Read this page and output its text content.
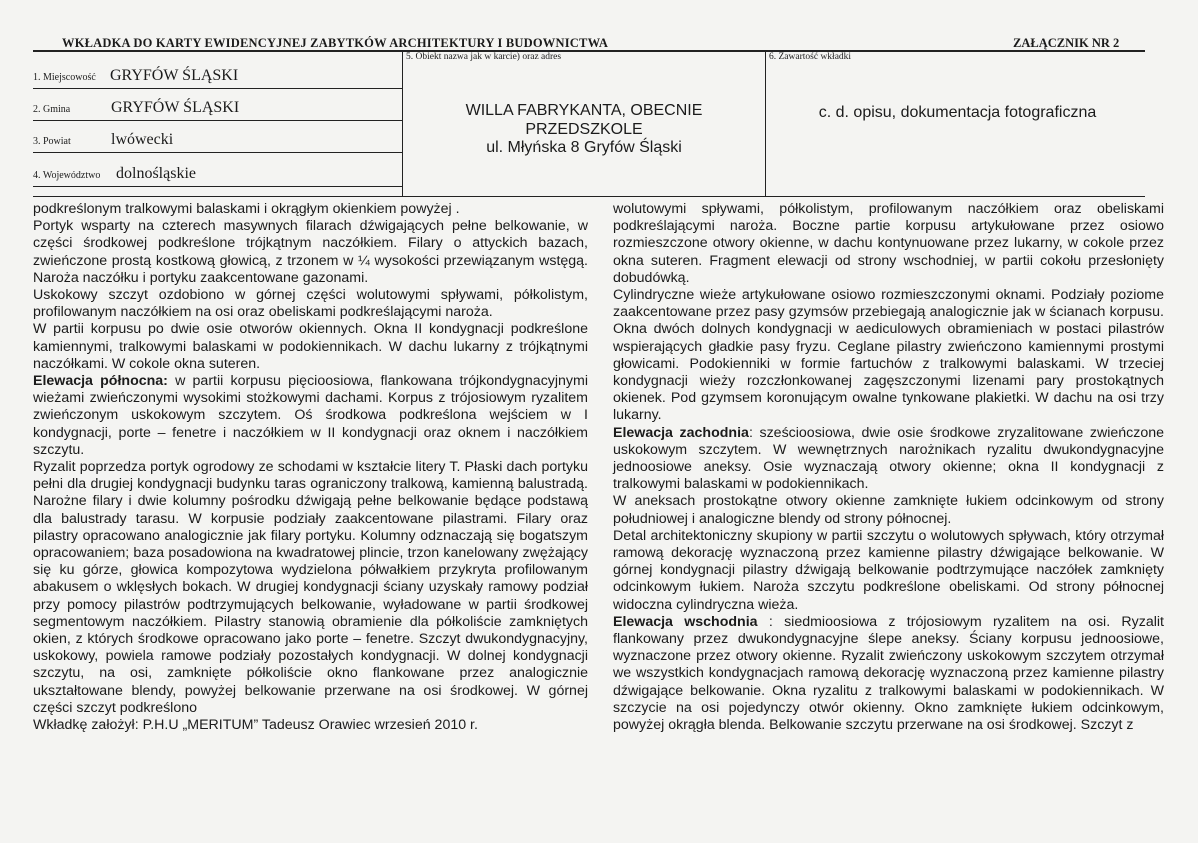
WKŁADKA DO KARTY EWIDENCYJNEJ ZABYTKÓW ARCHITEKTURY I BUDOWNICTWA	ZAŁĄCZNIK NR 2
1. Miejscowość GRYFÓW ŚLĄSKI
2. Gmina	GRYFÓW ŚLĄSKI
3. Powiat	lwówecki
4. Województwo dolnośląskie
5. Obiekt nazwa jak w karcie) oraz adres
WILLA FABRYKANTA, OBECNIE
PRZEDSZKOLE
ul. Młyńska 8 Gryfów Śląski
6. Zawartość wkładki
c. d. opisu, dokumentacja fotograficzna

podkreślonym tralkowymi balaskami i okrągłym okienkiem powyżej .

Portyk wsparty na czterech masywnych filarach dźwigających pełne belkowanie, w części środkowej podkreślone trójkątnym naczółkiem. Filary o attyckich bazach, zwieńczone prostą kostkową głowicą, z trzonem w ¼ wysokości przewiązanym wstęgą. Naroża naczółku i portyku zaakcentowane gazonami.

Uskokowy szczyt ozdobiono w górnej części wolutowymi spływami, półkolistym, profilowanym naczółkiem na osi oraz obeliskami podkreślającymi naroża.

W partii korpusu po dwie osie otworów okiennych. Okna II kondygnacji podkreślone kamiennymi, tralkowymi balaskami w podokiennikach. W dachu lukarny z trójkątnymi naczółkami. W cokole okna suteren.

Elewacja północna: w partii korpusu pięcioosiowa, flankowana trójkondygnacyjnymi wieżami zwieńczonymi wysokimi stożkowymi dachami. Korpus z trójosiowym ryzalitem zwieńczonym uskokowym szczytem. Oś środkowa podkreślona wejściem w I kondygnacji, porte – fenetre i naczółkiem w II kondygnacji oraz oknem i naczółkiem szczytu.

Ryzalit poprzedza portyk ogrodowy ze schodami w kształcie litery T. Płaski dach portyku pełni dla drugiej kondygnacji budynku taras ograniczony tralkową, kamienną balustradą. Narożne filary i dwie kolumny pośrodku dźwigają pełne belkowanie będące podstawą dla balustrady tarasu. W korpusie podziały zaakcentowane pilastrami. Filary oraz pilastry opracowano analogicznie jak filary portyku. Kolumny odznaczają się bogatszym opracowaniem; baza posadowiona na kwadratowej plincie, trzon kanelowany zwężający się ku górze, głowica kompozytowa wydzielona półwałkiem przykryta profilowanym abakusem o wklęsłych bokach. W drugiej kondygnacji ściany uzyskały ramowy podział przy pomocy pilastrów podtrzymujących belkowanie, wyładowane w partii środkowej segmentowym naczółkiem. Pilastry stanowią obramienie dla półkoliście zamkniętych okien, z których środkowe opracowano jako porte – fenetre. Szczyt dwukondygnacyjny, uskokowy, powiela ramowe podziały pozostałych kondygnacji. W dolnej kondygnacji szczytu, na osi, zamknięte półkoliście okno flankowane przez analogicznie ukształtowane blendy, powyżej belkowanie przerwane na osi środkowej. W górnej części szczyt podkreślono

Wkładkę założył: P.H.U „MERITUM” Tadeusz Orawiec wrzesień 2010 r.

wolutowymi spływami, półkolistym, profilowanym naczółkiem oraz obeliskami podkreślającymi naroża. Boczne partie korpusu artykułowane przez osiowo rozmieszczone otwory okienne, w dachu kontynuowane przez lukarny, w cokole przez okna suteren. Fragment elewacji od strony wschodniej, w partii cokołu przesłonięty dobudówką.

Cylindryczne wieże artykułowane osiowo rozmieszczonymi oknami. Podziały poziome zaakcentowane przez pasy gzymsów przebiegają analogicznie jak w ścianach korpusu. Okna dwóch dolnych kondygnacji w aediculowych obramieniach w postaci pilastrów wspierających gładkie pasy fryzu. Ceglane pilastry zwieńczono kamiennymi prostymi głowicami. Podokienniki w formie fartuchów z tralkowymi balaskami. W trzeciej kondygnacji wieży rozczłonkowanej zagęszczonymi lizenami pary prostokątnych okienek. Pod gzymsem koronującym owalne tynkowane plakietki. W dachu na osi trzy lukarny.

Elewacja zachodnia: sześcioosiowa, dwie osie środkowe zryzalitowane zwieńczone uskokowym szczytem. W wewnętrznych narożnikach ryzalitu dwukondygnacyjne jednoosiowe aneksy. Osie wyznaczają otwory okienne; okna II kondygnacji z tralkowymi balaskami w podokiennikach.

W aneksach prostokątne otwory okienne zamknięte łukiem odcinkowym od strony południowej i analogiczne blendy od strony północnej.

Detal architektoniczny skupiony w partii szczytu o wolutowych spływach, który otrzymał ramową dekorację wyznaczoną przez kamienne pilastry dźwigające belkowanie. W górnej kondygnacji pilastry dźwigają belkowanie podtrzymujące naczółek zamknięty odcinkowym łukiem. Naroża szczytu podkreślone obeliskami. Od strony północnej widoczna cylindryczna wieża.

Elewacja wschodnia : siedmioosiowa z trójosiowym ryzalitem na osi. Ryzalit flankowany przez dwukondygnacyjne ślepe aneksy. Ściany korpusu jednoosiowe, wyznaczone przez otwory okienne. Ryzalit zwieńczony uskokowym szczytem otrzymał we wszystkich kondygnacjach ramową dekorację wyznaczoną przez kamienne pilastry dźwigające belkowanie. Okna ryzalitu z tralkowymi balaskami w podokiennikach. W szczycie na osi pojedynczy otwór okienny. Okno zamknięte łukiem odcinkowym, powyżej okrągła blenda. Belkowanie szczytu przerwane na osi środkowej. Szczyt z
